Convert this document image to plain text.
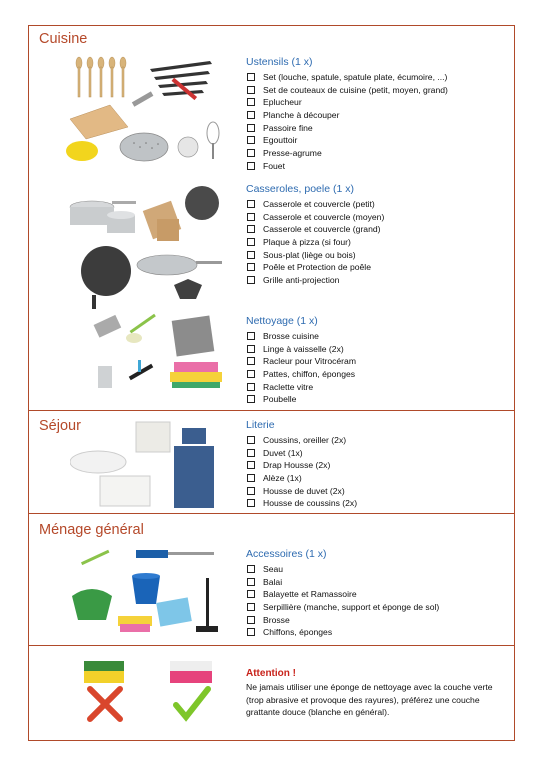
Cuisine
Séjour
Ménage général
Ustensils (1 x)
Set (louche, spatule, spatule plate, écumoire, ...)
Set de couteaux de cuisine (petit, moyen, grand)
Eplucheur
Planche à découper
Passoire fine
Egouttoir
Presse-agrume
Fouet
Casseroles, poele (1 x)
Casserole et couvercle (petit)
Casserole et couvercle (moyen)
Casserole et couvercle (grand)
Plaque à pizza (si four)
Sous-plat (liège ou bois)
Poêle et Protection de poêle
Grille anti-projection
Nettoyage (1 x)
Brosse cuisine
Linge à vaisselle (2x)
Racleur pour Vitrocéram
Pattes, chiffon, éponges
Raclette vitre
Poubelle
Literie
Coussins, oreiller (2x)
Duvet (1x)
Drap Housse (2x)
Alèze (1x)
Housse de duvet (2x)
Housse de coussins (2x)
Accessoires (1 x)
Seau
Balai
Balayette et Ramassoire
Serpillière (manche, support et éponge de sol)
Brosse
Chiffons, éponges
Attention !
Ne jamais utiliser une éponge de nettoyage avec la couche verte (trop abrasive et provoque des rayures), préférez une couche grattante douce (blanche en général).
